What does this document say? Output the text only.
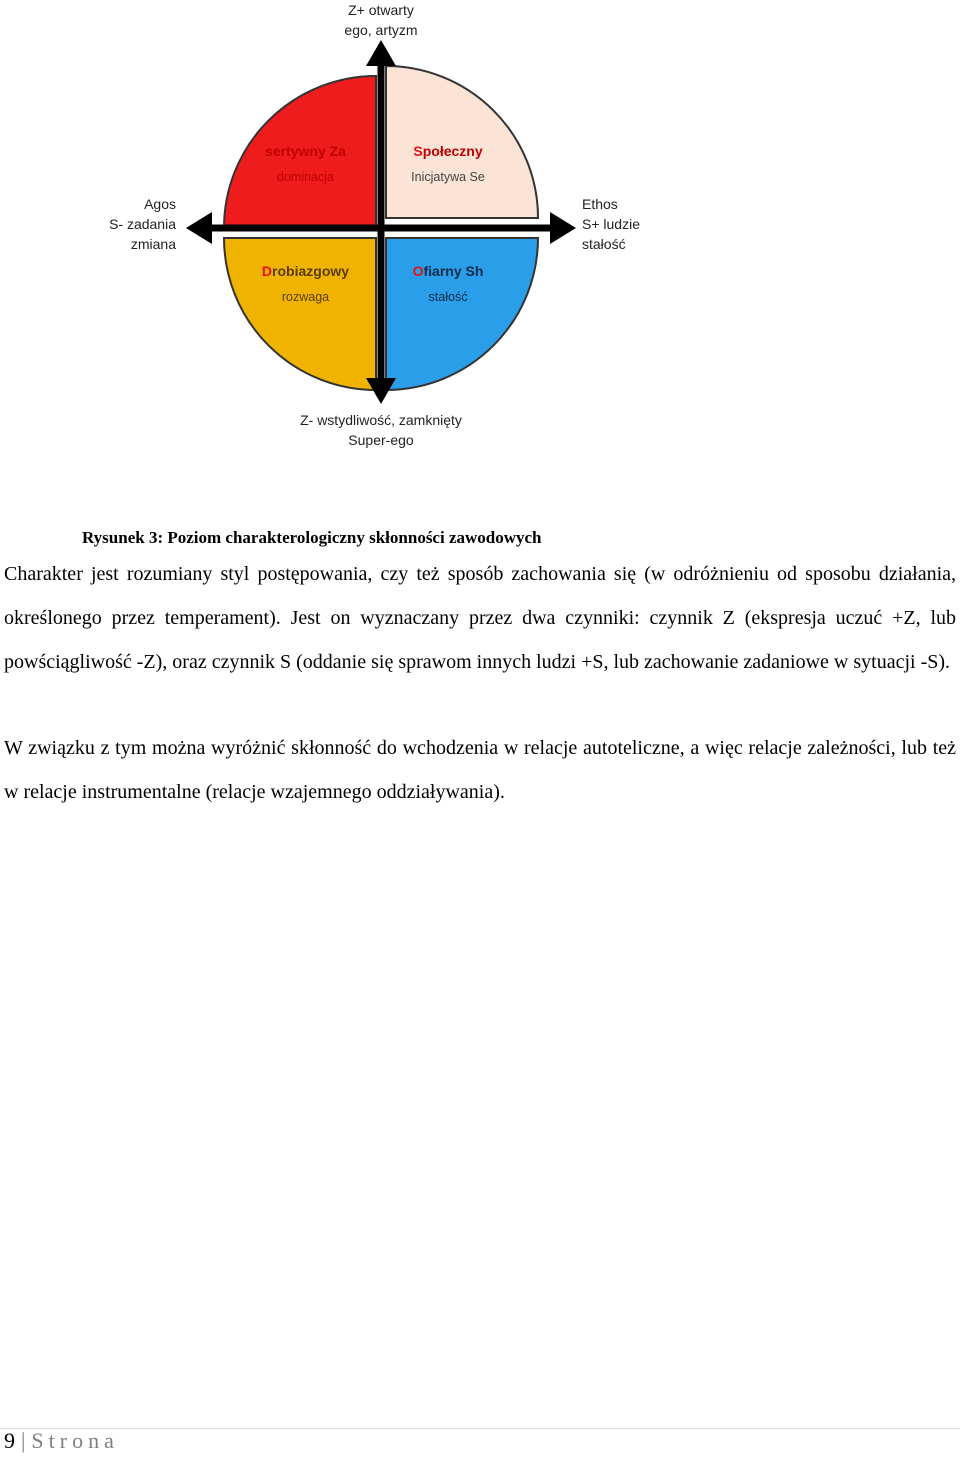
Z+ otwarty
ego, artyzm
Z- wstydliwość, zamknięty
Super-ego
Agos
S- zadania
zmiana
Ethos
S+ ludzie
stałość
sertywny Za
dominacja
Społeczny
Inicjatywa Se
Drobiazgowy
rozwaga
Ofiarny Sh
stałość
Rysunek 3: Poziom charakterologiczny skłonności zawodowych

Charakter jest rozumiany styl postępowania, czy też sposób zachowania się (w odróżnieniu od sposobu działania, określonego przez temperament). Jest on wyznaczany przez dwa czynniki: czynnik Z (ekspresja uczuć +Z, lub powściągliwość -Z), oraz czynnik S (oddanie się sprawom innych ludzi +S, lub zachowanie zadaniowe w sytuacji -S).

W związku z tym można wyróżnić skłonność do wchodzenia w relacje autoteliczne, a więc relacje zależności, lub też w relacje instrumentalne (relacje wzajemnego oddziaływania).

9 | Strona
